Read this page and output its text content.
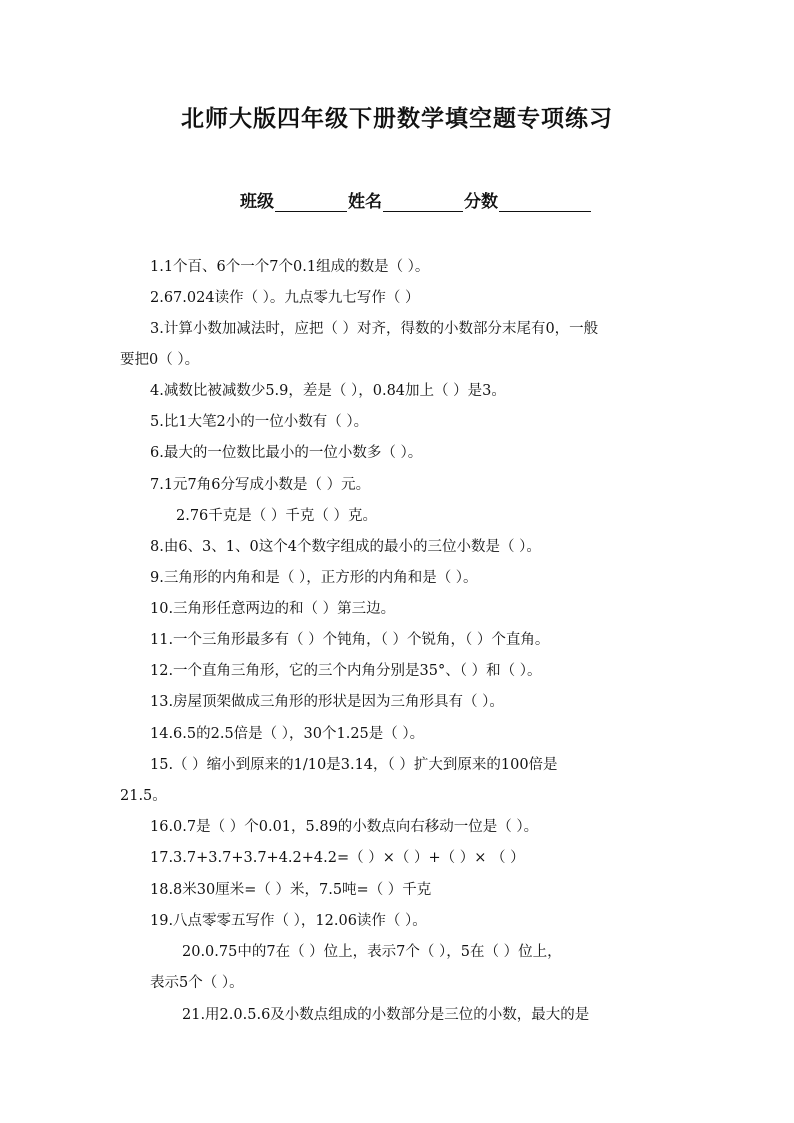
北师大版四年级下册数学填空题专项练习
班级	姓名	分数
1.1个百、6个一个7个0.1组成的数是（ ）。
2.67.024读作（ ）。九点零九七写作（ ）
3.计算小数加减法时，应把（ ）对齐，得数的小数部分末尾有0，一般
要把0（ ）。
4.减数比被减数少5.9，差是（ ），0.84加上（ ）是3。
5.比1大笔2小的一位小数有（ ）。
6.最大的一位数比最小的一位小数多（ ）。
7.1元7角6分写成小数是（ ）元。
2.76千克是（ ）千克（ ）克。
8.由6、3、1、0这个4个数字组成的最小的三位小数是（ ）。
9.三角形的内角和是（ ），正方形的内角和是（ ）。
10.三角形任意两边的和（ ）第三边。
11.一个三角形最多有（ ）个钝角，（ ）个锐角，（ ）个直角。
12.一个直角三角形，它的三个内角分别是35°、（ ）和（ ）。
13.房屋顶架做成三角形的形状是因为三角形具有（ ）。
14.6.5的2.5倍是（ ），30个1.25是（ ）。
15.（ ）缩小到原来的1/10是3.14，（ ）扩大到原来的100倍是
21.5。
16.0.7是（ ）个0.01，5.89的小数点向右移动一位是（ ）。
17.3.7+3.7+3.7+4.2+4.2=（ ）×（ ）+（ ）× （ ）
18.8米30厘米=（ ）米，7.5吨=（ ）千克
19.八点零零五写作（ ），12.06读作（ ）。
20.0.75中的7在（ ）位上，表示7个（ ），5在（ ）位上，
表示5个（ ）。
21.用2.0.5.6及小数点组成的小数部分是三位的小数，最大的是
